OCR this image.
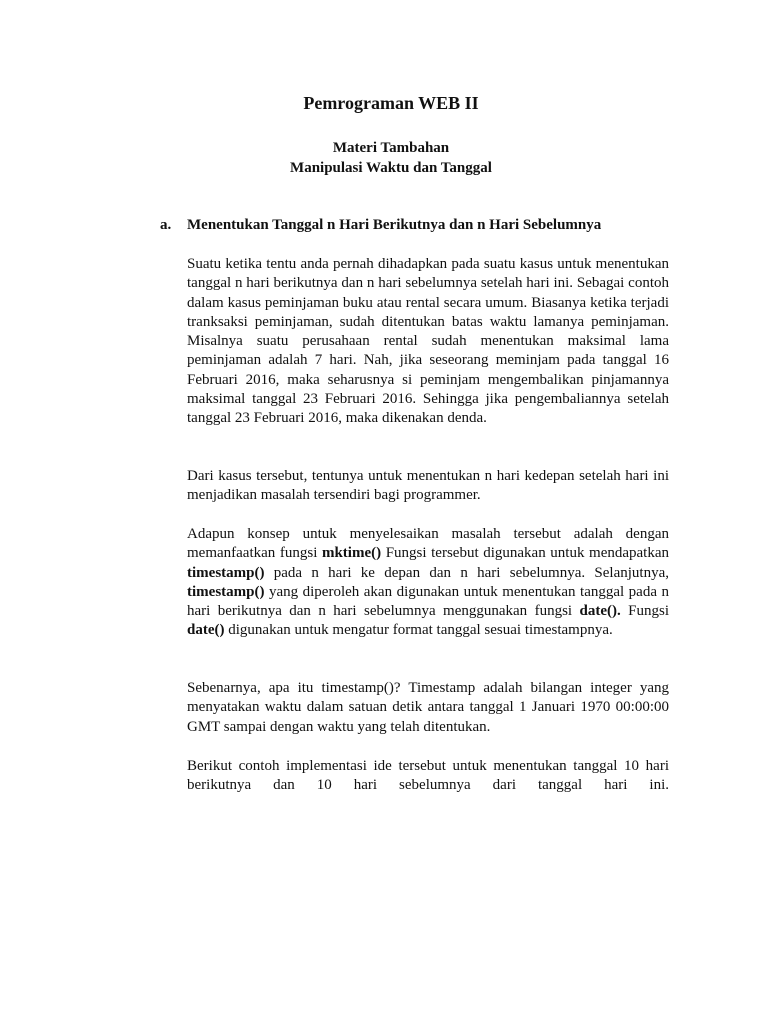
Pemrograman WEB II

Materi Tambahan

Manipulasi Waktu dan Tanggal

a. Menentukan Tanggal n Hari Berikutnya dan n Hari Sebelumnya

Suatu ketika tentu anda pernah dihadapkan pada suatu kasus untuk menentukan tanggal n hari berikutnya dan n hari sebelumnya setelah hari ini. Sebagai contoh dalam kasus peminjaman buku atau rental secara umum. Biasanya ketika terjadi tranksaksi peminjaman, sudah ditentukan batas waktu lamanya peminjaman. Misalnya suatu perusahaan rental sudah menentukan maksimal lama peminjaman adalah 7 hari. Nah, jika seseorang meminjam pada tanggal 16 Februari 2016, maka seharusnya si peminjam mengembalikan pinjamannya maksimal tanggal 23 Februari 2016. Sehingga jika pengembaliannya setelah tanggal 23 Februari 2016, maka dikenakan denda.

Dari kasus tersebut, tentunya untuk menentukan n hari kedepan setelah hari ini menjadikan masalah tersendiri bagi programmer.

Adapun konsep untuk menyelesaikan masalah tersebut adalah dengan memanfaatkan fungsi mktime() Fungsi tersebut digunakan untuk mendapatkan timestamp() pada n hari ke depan dan n hari sebelumnya. Selanjutnya, timestamp() yang diperoleh akan digunakan untuk menentukan tanggal pada n hari berikutnya dan n hari sebelumnya menggunakan fungsi date(). Fungsi date() digunakan untuk mengatur format tanggal sesuai timestampnya.

Sebenarnya, apa itu timestamp()? Timestamp adalah bilangan integer yang menyatakan waktu dalam satuan detik antara tanggal 1 Januari 1970 00:00:00 GMT sampai dengan waktu yang telah ditentukan.

Berikut contoh implementasi ide tersebut untuk menentukan tanggal 10 hari berikutnya dan 10 hari sebelumnya dari tanggal hari ini.
